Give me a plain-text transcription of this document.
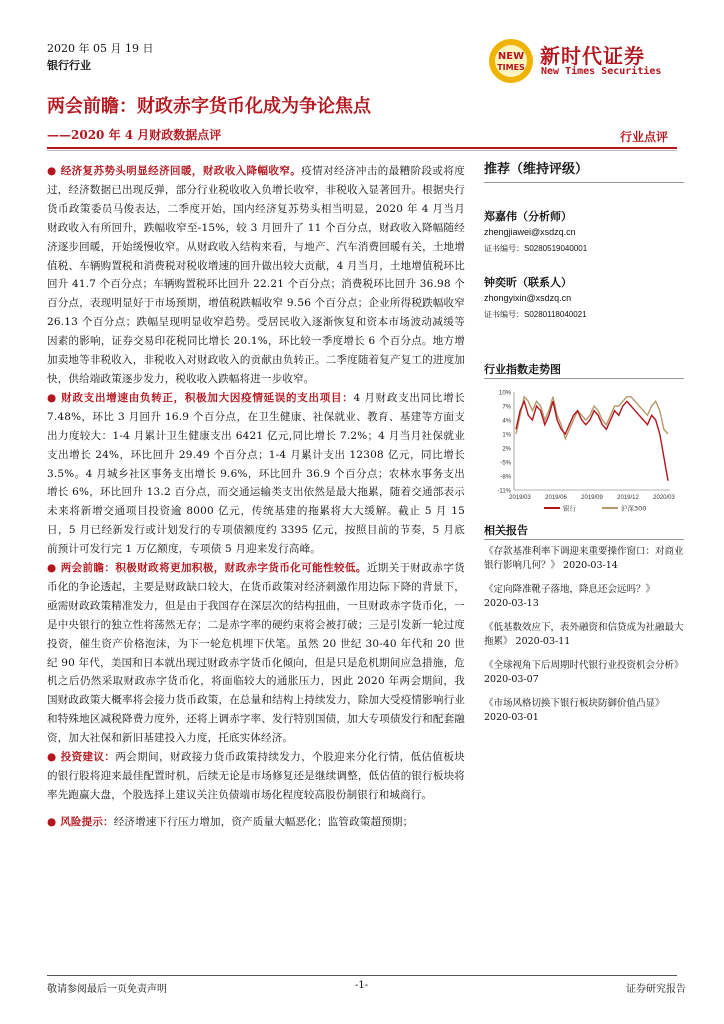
2020 年 05 月 19 日
银行行业
NEW
TIMES 新时代证券
New Times Securities
两会前瞻：财政赤字货币化成为争论焦点
——2020 年 4 月财政数据点评	行业点评

● 经济复苏势头明显经济回暖，财政收入降幅收窄。疫情对经济冲击的最糟阶段或将度过，经济数据已出现反弹，部分行业税收收入负增长收窄，非税收入显著回升。根据央行货币政策委员马俊表达，二季度开始，国内经济复苏势头相当明显，2020 年 4 月当月财政收入有所回升，跌幅收窄至-15%，较 3 月回升了 11 个百分点，财政收入降幅随经济逐步回暖，开始缓慢收窄。从财政收入结构来看，与地产、汽车消费回暖有关，土地增值税、车辆购置税和消费税对税收增速的回升做出较大贡献，4 月当月，土地增值税环比回升 41.7 个百分点；车辆购置税环比回升 22.21 个百分点；消费税环比回升 36.98 个百分点，表现明显好于市场预期，增值税跌幅收窄 9.56 个百分点；企业所得税跌幅收窄 26.13 个百分点；跌幅呈现明显收窄趋势。受居民收入逐渐恢复和资本市场波动减缓等因素的影响，证券交易印花税同比增长 20.1%，环比较一季度增长 6 个百分点。地方增加卖地等非税收入，非税收入对财政收入的贡献由负转正。二季度随着复产复工的进度加快，供给端政策逐步发力，税收收入跌幅将进一步收窄。

● 财政支出增速由负转正，积极加大因疫情延误的支出项目：4 月财政支出同比增长 7.48%，环比 3 月回升 16.9 个百分点，在卫生健康、社保就业、教育、基建等方面支出力度较大：1-4 月累计卫生健康支出 6421 亿元,同比增长 7.2%；4 月当月社保就业支出增长 24%，环比回升 29.49 个百分点；1-4 月累计支出 12308 亿元，同比增长 3.5%。4 月城乡社区事务支出增长 9.6%，环比回升 36.9 个百分点；农林水事务支出增长 6%，环比回升 13.2 百分点，而交通运输类支出依然是最大拖累，随着交通部表示未来将新增交通项目投资逾 8000 亿元，传统基建的拖累将大大缓解。截止 5 月 15 日，5 月已经新发行或计划发行的专项债额度约 3395 亿元，按照目前的节奏，5 月底前预计可发行完 1 万亿额度，专项债 5 月迎来发行高峰。

● 两会前瞻：积极财政将更加积极，财政赤字货币化可能性较低。近期关于财政赤字货币化的争论透起，主要是财政缺口较大，在货币政策对经济刺激作用边际下降的背景下，亟需财政政策精准发力，但是由于我国存在深层次的结构扭曲，一旦财政赤字货币化，一是中央银行的独立性将荡然无存；二是赤字率的硬约束将会被打破；三是引发新一轮过度投资，催生资产价格泡沫，为下一轮危机埋下伏笔。虽然 20 世纪 30-40 年代和 20 世纪 90 年代，美国和日本就出现过财政赤字货币化倾向，但是只是危机期间应急措施，危机之后仍然采取财政赤字货币化，将面临较大的通胀压力，因此 2020 年两会期间，我国财政政策大概率将会接力货币政策，在总量和结构上持续发力，除加大受疫情影响行业和特殊地区减税降费力度外，还将上调赤字率、发行特别国债，加大专项债发行和配套融资，加大社保和新旧基建投入力度，托底实体经济。

● 投资建议：两会期间，财政接力货币政策持续发力，个股迎来分化行情，低估值板块的银行股将迎来最佳配置时机，后续无论是市场修复还是继续调整，低估值的银行板块将率先跑赢大盘，个股选择上建议关注负债端市场化程度较高股份制银行和城商行。

● 风险提示：经济增速下行压力增加，资产质量大幅恶化；监管政策超预期；

推荐（维持评级）
郑嘉伟（分析师）
zhengjiawei@xsdzq.cn
证书编号：S0280519040001
钟奕昕（联系人）
zhongyixin@xsdzq.cn
证书编号：S0280118040021
行业指数走势图
10%
7%
4%
1%
2%
-5%
-8%
-11%
2019/03 2019/06 2019/09 2019/12 2020/03
银行	沪深300
相关报告
《存款基准利率下调迎来重要操作窗口：对商业银行影响几何？》 2020-03-14
《定向降准靴子落地，降息还会远吗？》
2020-03-13
《低基数效应下，表外融资和信贷成为社融最大拖累》 2020-03-11
《全球视角下后周期时代银行业投资机会分析》 2020-03-07
《市场风格切换下银行板块防御价值凸显》 2020-03-01
敬请参阅最后一页免责声明	-1-	证券研究报告
